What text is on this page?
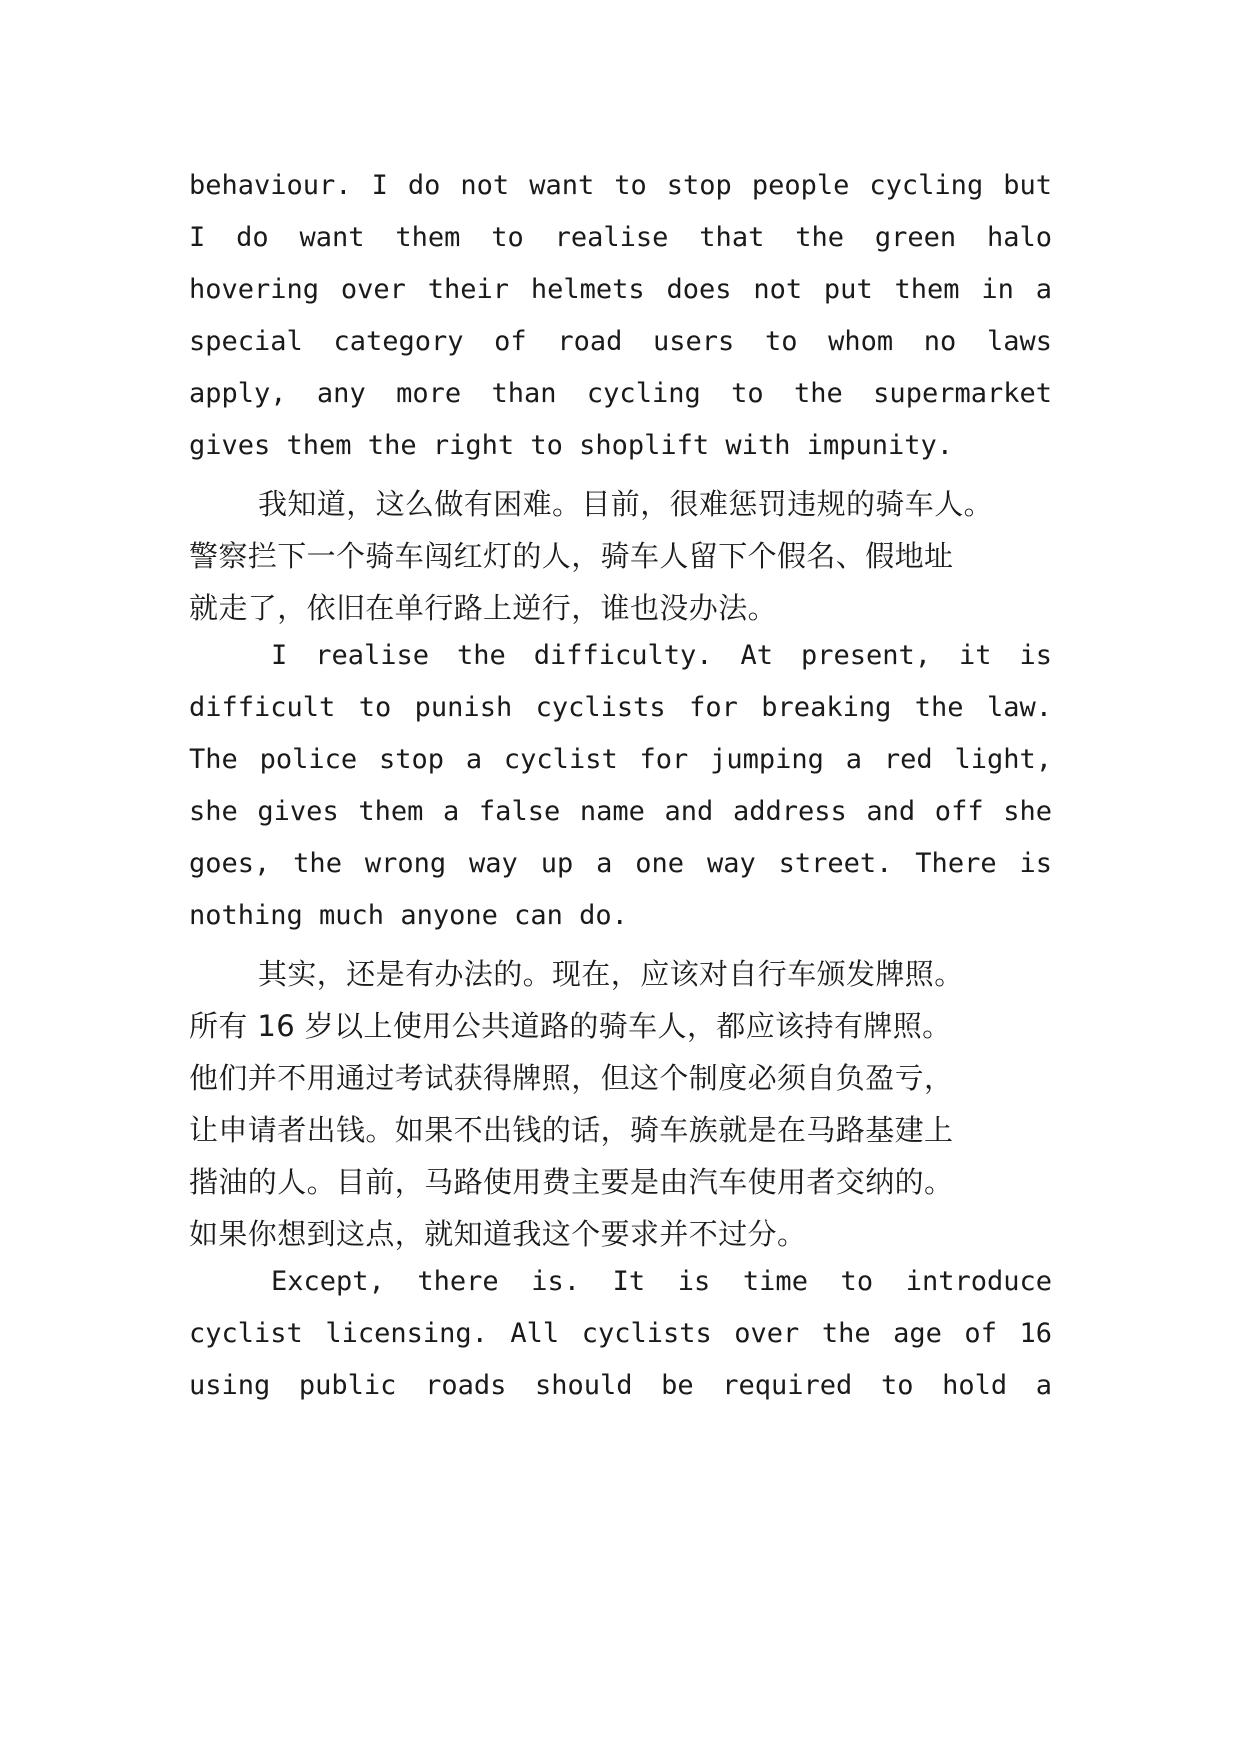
behaviour. I do not want to stop people cycling but
I do want them to realise that the green halo
hovering over their helmets does not put them in a
special category of road users to whom no laws
apply, any more than cycling to the supermarket
gives them the right to shoplift with impunity.
我知道，这么做有困难。目前，很难惩罚违规的骑车人。
警察拦下一个骑车闯红灯的人，骑车人留下个假名、假地址
就走了，依旧在单行路上逆行，谁也没办法。
I realise the difficulty. At present, it is
difficult to punish cyclists for breaking the law.
The police stop a cyclist for jumping a red light,
she gives them a false name and address and off she
goes, the wrong way up a one way street. There is
nothing much anyone can do.
其实，还是有办法的。现在，应该对自行车颁发牌照。
所有 16 岁以上使用公共道路的骑车人，都应该持有牌照。
他们并不用通过考试获得牌照，但这个制度必须自负盈亏，
让申请者出钱。如果不出钱的话，骑车族就是在马路基建上
揩油的人。目前，马路使用费主要是由汽车使用者交纳的。
如果你想到这点，就知道我这个要求并不过分。
Except, there is. It is time to introduce
cyclist licensing. All cyclists over the age of 16
using public roads should be required to hold a
